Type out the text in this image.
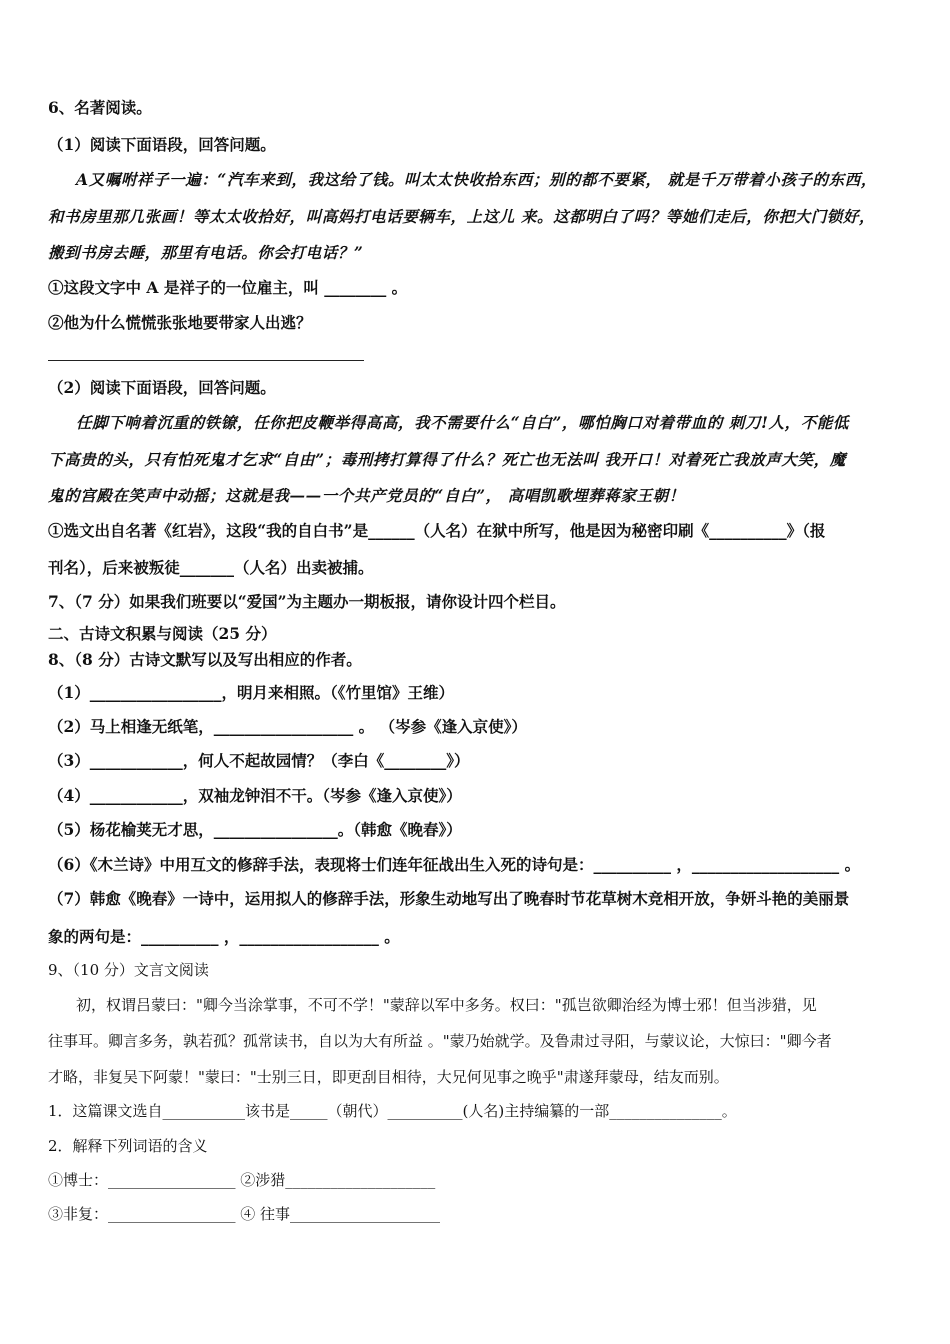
6、名著阅读。
（1）阅读下面语段，回答问题。
A又嘱咐祥子一遍：“汽车来到，我这给了钱。叫太太快收拾东西；别的都不要紧， 就是千万带着小孩子的东西，
和书房里那几张画！等太太收拾好，叫高妈打电话要辆车，上这儿 来。这都明白了吗？等她们走后，你把大门锁好，
搬到书房去睡，那里有电话。你会打电话？”
①这段文字中 A 是祥子的一位雇主，叫 ________ 。
②他为什么慌慌张张地要带家人出逃？
（2）阅读下面语段，回答问题。
任脚下响着沉重的铁镣，任你把皮鞭举得高高，我不需要什么“自白”，哪怕胸口对着带血的 刺刀!人，不能低
下高贵的头，只有怕死鬼才乞求“自由”；毒刑拷打算得了什么？死亡也无法叫 我开口！对着死亡我放声大笑，魔
鬼的宫殿在笑声中动摇；这就是我——一个共产党员的“自白”， 高唱凯歌埋葬蒋家王朝！
①选文出自名著《红岩》，这段“我的自白书”是______（人名）在狱中所写，他是因为秘密印刷《__________》（报
刊名），后来被叛徒_______（人名）出卖被捕。
7、（7 分）如果我们班要以“爱国”为主题办一期板报，请你设计四个栏目。
二、古诗文积累与阅读（25 分）
8、（8 分）古诗文默写以及写出相应的作者。
（1）_________________，明月来相照。（《竹里馆》王维）
（2）马上相逢无纸笔，__________________ 。 （岑参《逢入京使》）
（3）____________，何人不起故园情？（李白《________》）
（4）____________，双袖龙钟泪不干。（岑参《逢入京使》）
（5）杨花榆荚无才思，________________。（韩愈《晚春》）
（6）《木兰诗》中用互文的修辞手法，表现将士们连年征战出生入死的诗句是：__________ ，___________________ 。
（7）韩愈《晚春》一诗中，运用拟人的修辞手法，形象生动地写出了晚春时节花草树木竞相开放，争妍斗艳的美丽景
象的两句是：__________ ，__________________ 。
9、（10 分）文言文阅读
初，权谓吕蒙曰："卿今当涂掌事，不可不学！"蒙辞以军中多务。权曰："孤岂欲卿治经为博士邪！但当涉猎，见
往事耳。卿言多务，孰若孤？孤常读书，自以为大有所益 。"蒙乃始就学。及鲁肃过寻阳，与蒙议论，大惊曰："卿今者
才略，非复吴下阿蒙！"蒙曰："士别三日，即更刮目相待，大兄何见事之晚乎"肃遂拜蒙母，结友而别。
1．这篇课文选自___________该书是_____（朝代）__________(人名)主持编纂的一部_______________。
2．解释下列词语的含义
①博士：_________________ ②涉猎____________________
③非复：_________________ ④ 往事____________________
